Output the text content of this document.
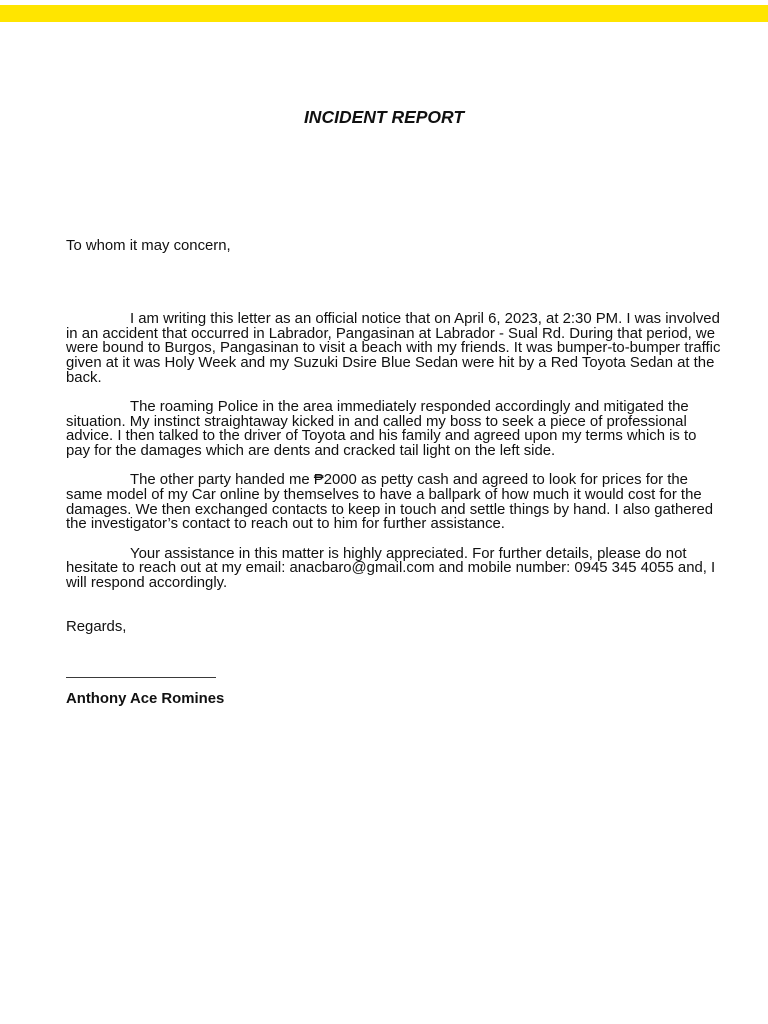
INCIDENT REPORT
To whom it may concern,
I am writing this letter as an official notice that on April 6, 2023, at 2:30 PM. I was involved
in an accident that occurred in Labrador, Pangasinan at Labrador - Sual Rd. During that period, we
were bound to Burgos, Pangasinan to visit a beach with my friends. It was bumper-to-bumper traffic
given at it was Holy Week and my Suzuki Dsire Blue Sedan were hit by a Red Toyota Sedan at the
back.
The roaming Police in the area immediately responded accordingly and mitigated the
situation. My instinct straightaway kicked in and called my boss to seek a piece of professional
advice. I then talked to the driver of Toyota and his family and agreed upon my terms which is to
pay for the damages which are dents and cracked tail light on the left side.
The other party handed me ₱2000 as petty cash and agreed to look for prices for the
same model of my Car online by themselves to have a ballpark of how much it would cost for the
damages. We then exchanged contacts to keep in touch and settle things by hand. I also gathered
the investigator’s contact to reach out to him for further assistance.
Your assistance in this matter is highly appreciated. For further details, please do not
hesitate to reach out at my email: anacbaro@gmail.com and mobile number: 0945 345 4055 and, I
will respond accordingly.
Regards,
Anthony Ace Romines
